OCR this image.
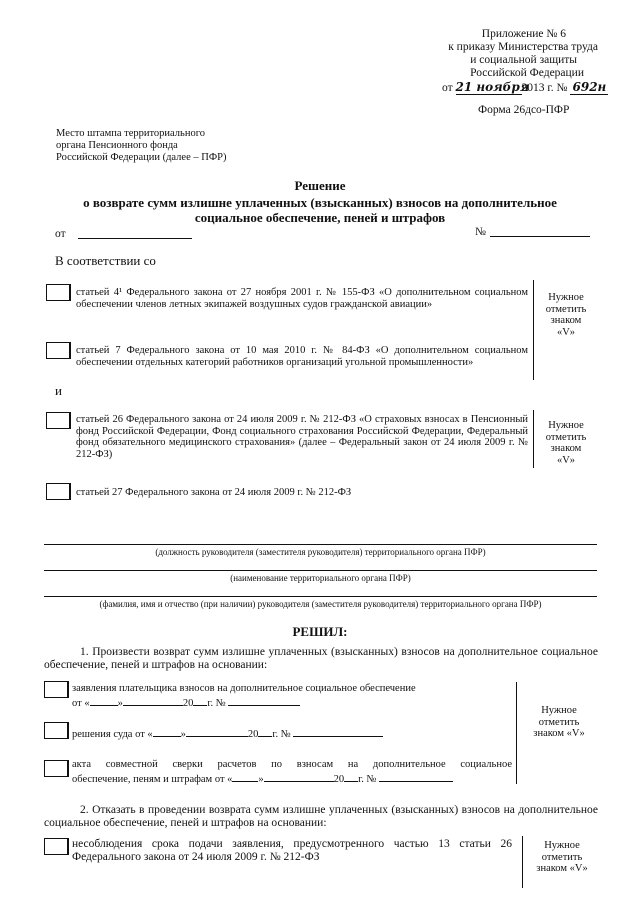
Приложение № 6
к приказу Министерства труда
и социальной защиты
Российской Федерации
от 21 ноября2013 г. № 692н
Форма 26дсо-ПФР
Место штампа территориального
органа Пенсионного фонда
Российской Федерации (далее – ПФР)
Решение
о возврате сумм излишне уплаченных (взысканных) взносов на дополнительное
социальное обеспечение, пеней и штрафов
от	№
В соответствии со
статьей 4¹ Федерального закона от 27 ноября 2001 г. № 155-ФЗ «О дополнительном социальном обеспечении членов летных экипажей воздушных судов гражданской авиации»
статьей 7 Федерального закона от 10 мая 2010 г. № 84-ФЗ «О дополнительном социальном обеспечении отдельных категорий работников организаций угольной промышленности»
Нужное
отметить
знаком
«V»
и
статьей 26 Федерального закона от 24 июля 2009 г. № 212-ФЗ «О страховых взносах в Пенсионный фонд Российской Федерации, Фонд социального страхования Российской Федерации, Федеральный фонд обязательного медицинского страхования» (далее – Федеральный закон от 24 июля 2009 г. № 212-ФЗ)
статьей 27 Федерального закона от 24 июля 2009 г. № 212-ФЗ
Нужное
отметить
знаком
«V»
(должность руководителя (заместителя руководителя) территориального органа ПФР)
(наименование территориального органа ПФР)
(фамилия, имя и отчество (при наличии) руководителя (заместителя руководителя) территориального органа ПФР)
РЕШИЛ:
1. Произвести возврат сумм излишне уплаченных (взысканных) взносов на дополнительное социальное обеспечение, пеней и штрафов на основании:
заявления плательщика взносов на дополнительное социальное обеспечение
от «	»	20 г. №
решения суда от «	»	20 г. №
акта совместной сверки расчетов по взносам на дополнительное социальное
обеспечение, пеням и штрафам от « »	20 г. №
Нужное
отметить
знаком «V»
2. Отказать в проведении возврата сумм излишне уплаченных (взысканных) взносов на дополнительное социальное обеспечение, пеней и штрафов на основании:
несоблюдения срока подачи заявления, предусмотренного частью 13 статьи 26 Федерального закона от 24 июля 2009 г. № 212-ФЗ
Нужное
отметить
знаком «V»
